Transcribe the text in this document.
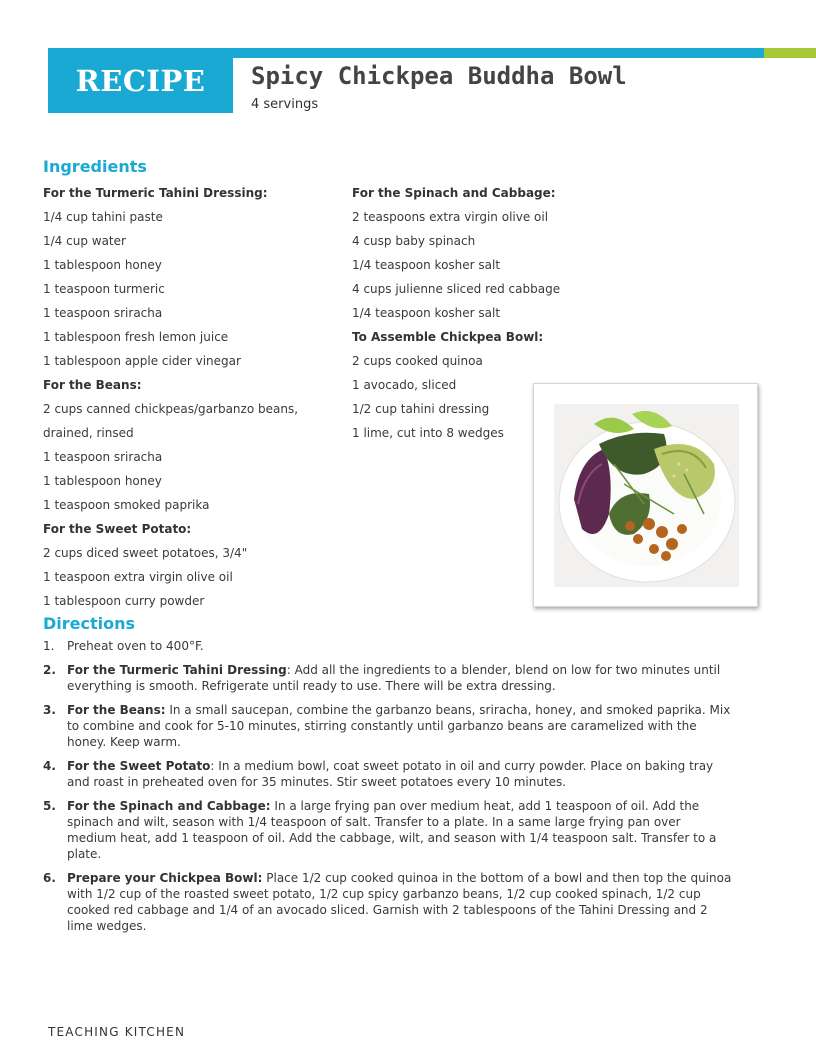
RECIPE Spicy Chickpea Buddha Bowl
4 servings
Ingredients
For the Turmeric Tahini Dressing:
1/4 cup tahini paste
1/4 cup water
1 tablespoon honey
1 teaspoon turmeric
1 teaspoon sriracha
1 tablespoon fresh lemon juice
1 tablespoon apple cider vinegar
For the Beans:
2 cups canned chickpeas/garbanzo beans,
drained, rinsed
1 teaspoon sriracha
1 tablespoon honey
1 teaspoon smoked paprika
For the Sweet Potato:
2 cups diced sweet potatoes, 3/4"
1 teaspoon extra virgin olive oil
1 tablespoon curry powder
For the Spinach and Cabbage:
2 teaspoons extra virgin olive oil
4 cusp baby spinach
1/4 teaspoon kosher salt
4 cups julienne sliced red cabbage
1/4 teaspoon kosher salt
To Assemble Chickpea Bowl:
2 cups cooked quinoa
1 avocado, sliced
1/2 cup tahini dressing
1 lime, cut into 8 wedges
Directions
1. Preheat oven to 400°F.
2. For the Turmeric Tahini Dressing: Add all the ingredients to a blender, blend on low for two minutes until everything is smooth. Refrigerate until ready to use. There will be extra dressing.
3. For the Beans: In a small saucepan, combine the garbanzo beans, sriracha, honey, and smoked paprika. Mix to combine and cook for 5-10 minutes, stirring constantly until garbanzo beans are caramelized with the honey. Keep warm.
4. For the Sweet Potato: In a medium bowl, coat sweet potato in oil and curry powder. Place on baking tray and roast in preheated oven for 35 minutes. Stir sweet potatoes every 10 minutes.
5. For the Spinach and Cabbage: In a large frying pan over medium heat, add 1 teaspoon of oil. Add the spinach and wilt, season with 1/4 teaspoon of salt. Transfer to a plate. In a same large frying pan over medium heat, add 1 teaspoon of oil. Add the cabbage, wilt, and season with 1/4 teaspoon salt. Transfer to a plate.
6. Prepare your Chickpea Bowl: Place 1/2 cup cooked quinoa in the bottom of a bowl and then top the quinoa with 1/2 cup of the roasted sweet potato, 1/2 cup spicy garbanzo beans, 1/2 cup cooked spinach, 1/2 cup cooked red cabbage and 1/4 of an avocado sliced. Garnish with 2 tablespoons of the Tahini Dressing and 2 lime wedges.
TEACHING KITCHEN
